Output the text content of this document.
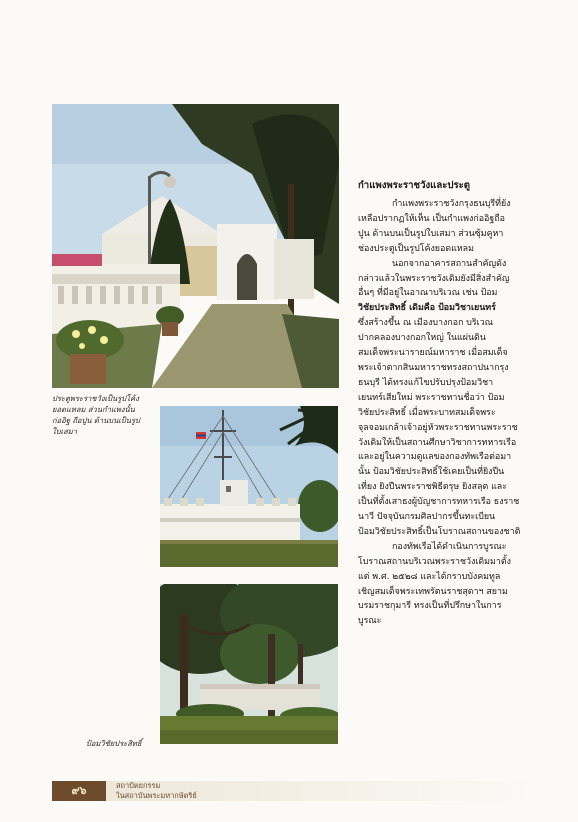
ประตูพระราชวังเป็นรูปโค้ง
ยอดแหลม ส่วนกำแพงนั้น
ก่ออิฐ ถือปูน ด้านบนเป็นรูป
ใบเสมา
ป้อมวิชัยประสิทธิ์
กำแพงพระราชวังและประตู
กำแพงพระราชวังกรุงธนบุรีที่ยัง
เหลือปรากฏให้เห็น เป็นกำแพงก่ออิฐถือ
ปูน ด้านบนเป็นรูปใบเสมา ส่วนซุ้มคูหา
ช่องประตูเป็นรูปโค้งยอดแหลม
นอกจากอาคารสถานสำคัญดัง
กล่าวแล้วในพระราชวังเดิมยังมีสิ่งสำคัญ
อื่นๆ ที่มีอยู่ในอาณาบริเวณ เช่น ป้อม
วิชัยประสิทธิ์ เดิมคือ ป้อมวิชาเยนทร์
ซึ่งสร้างขึ้น ณ เมืองบางกอก บริเวณ
ปากคลองบางกอกใหญ่ ในแผ่นดิน
สมเด็จพระนารายณ์มหาราช เมื่อสมเด็จ
พระเจ้าตากสินมหาราชทรงสถาปนากรุง
ธนบุรี ได้ทรงแก้ไขปรับปรุงป้อมวิชา
เยนทร์เสียใหม่ พระราชทานชื่อว่า ป้อม
วิชัยประสิทธิ์ เมื่อพระบาทสมเด็จพระ
จุลจอมเกล้าเจ้าอยู่หัวพระราชทานพระราช
วังเดิมให้เป็นสถานศึกษาวิชาการทหารเรือ
และอยู่ในความดูแลของกองทัพเรือต่อมา
นั้น ป้อมวิชัยประสิทธิ์ใช้เคยเป็นที่ยิงปืน
เที่ยง ยิงปืนพระราชพิธีตรุษ ยิงสลุต และ
เป็นที่ตั้งเสาธงผู้บัญชาการทหารเรือ ธงราช
นาวี ปัจจุบันกรมศิลปากรขึ้นทะเบียน
ป้อมวิชัยประสิทธิ์เป็นโบราณสถานของชาติ
กองทัพเรือได้ดำเนินการบูรณะ
โบราณสถานบริเวณพระราชวังเดิมมาตั้ง
แต่ พ.ศ. ๒๕๒๘ และได้กราบบังคมทูล
เชิญสมเด็จพระเทพรัตนราชสุดาฯ สยาม
บรมราชกุมารี ทรงเป็นที่ปรึกษาในการ
บูรณะ
๙๖	สถาปัตยกรรม
ในสถาบันพระมหากษัตริย์
